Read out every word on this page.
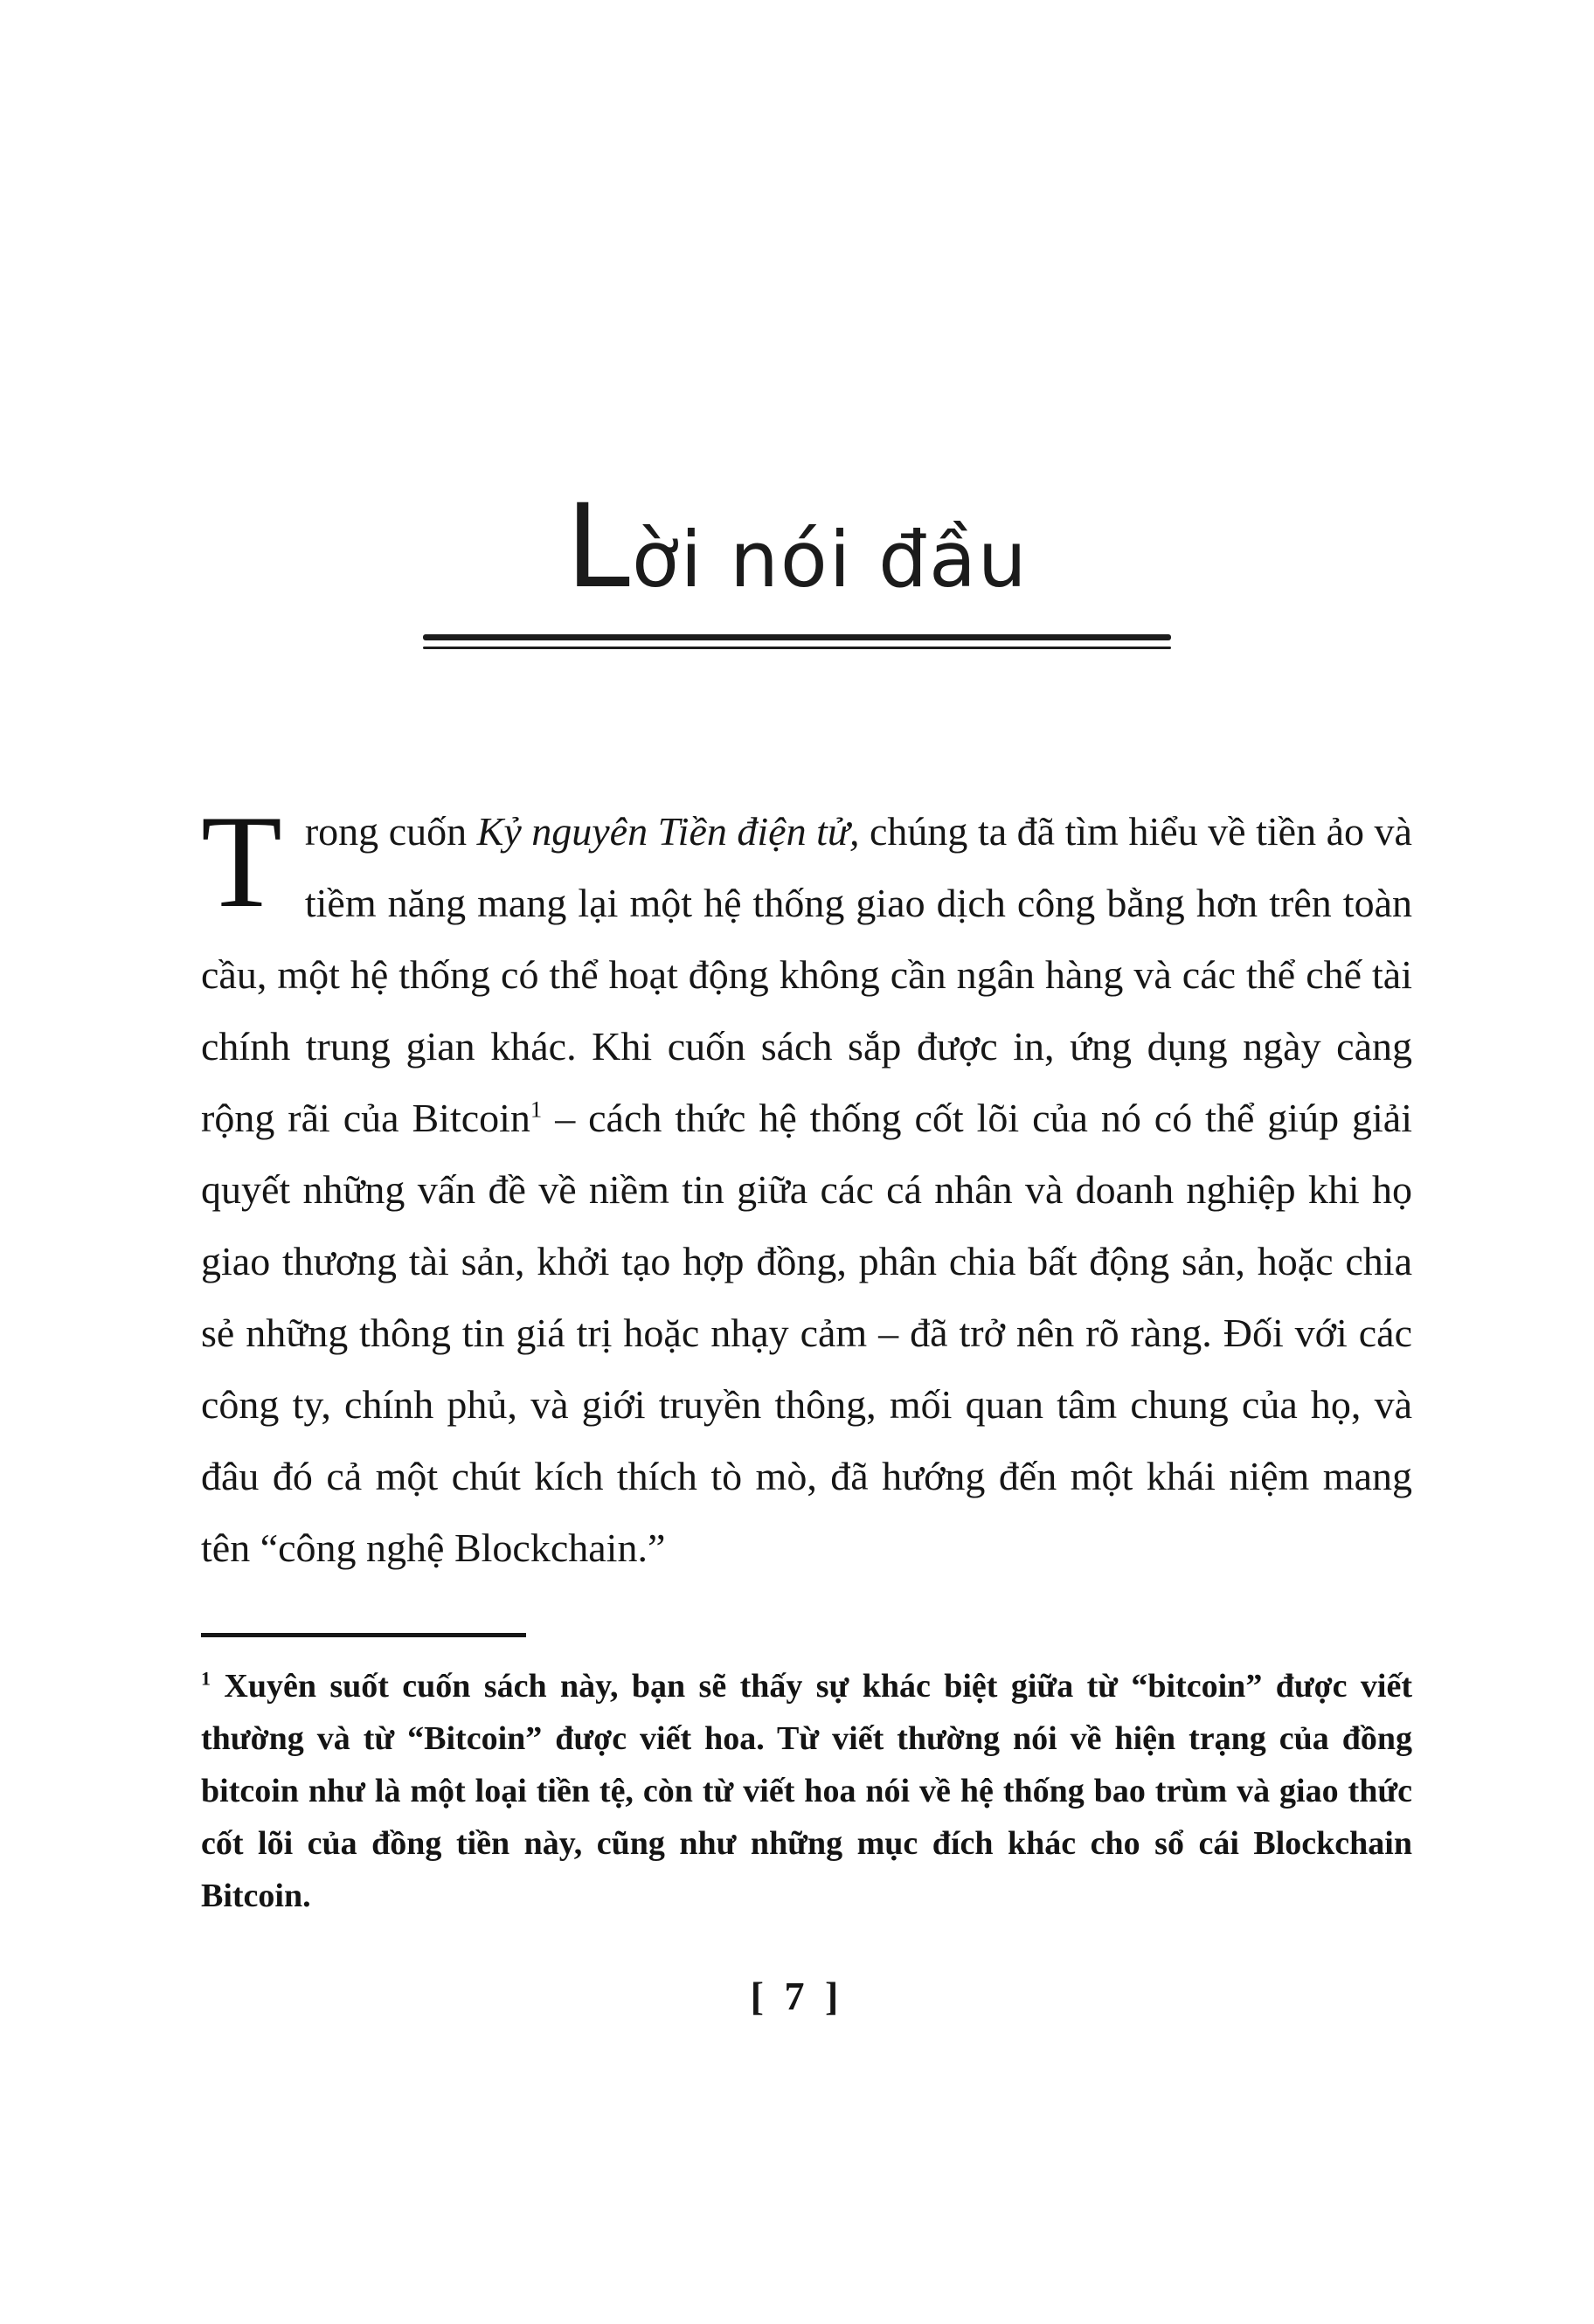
Lời nói đầu

Trong cuốn Kỷ nguyên Tiền điện tử, chúng ta đã tìm hiểu về tiền ảo và tiềm năng mang lại một hệ thống giao dịch công bằng hơn trên toàn cầu, một hệ thống có thể hoạt động không cần ngân hàng và các thể chế tài chính trung gian khác. Khi cuốn sách sắp được in, ứng dụng ngày càng rộng rãi của Bitcoin$^1$ – cách thức hệ thống cốt lõi của nó có thể giúp giải quyết những vấn đề về niềm tin giữa các cá nhân và doanh nghiệp khi họ giao thương tài sản, khởi tạo hợp đồng, phân chia bất động sản, hoặc chia sẻ những thông tin giá trị hoặc nhạy cảm – đã trở nên rõ ràng. Đối với các công ty, chính phủ, và giới truyền thông, mối quan tâm chung của họ, và đâu đó cả một chút kích thích tò mò, đã hướng đến một khái niệm mang tên “công nghệ Blockchain.”

$^1$ Xuyên suốt cuốn sách này, bạn sẽ thấy sự khác biệt giữa từ “bitcoin” được viết thường và từ “Bitcoin” được viết hoa. Từ viết thường nói về hiện trạng của đồng bitcoin như là một loại tiền tệ, còn từ viết hoa nói về hệ thống bao trùm và giao thức cốt lõi của đồng tiền này, cũng như những mục đích khác cho sổ cái Blockchain Bitcoin.

[ 7 ]
